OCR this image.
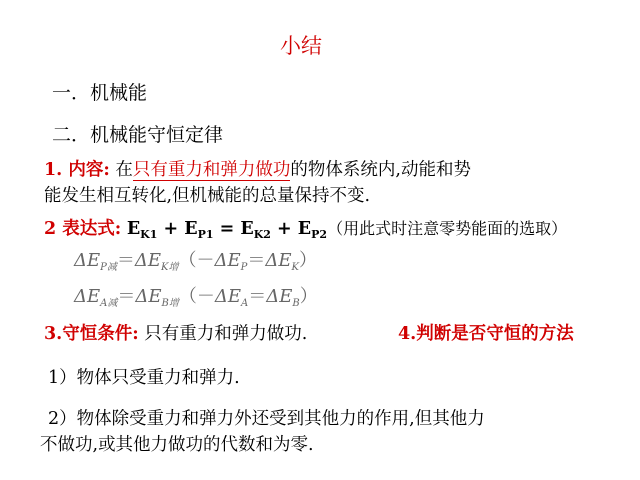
小结
一．机械能
二．机械能守恒定律
1. 内容: 在只有重力和弹力做功的物体系统内,动能和势
能发生相互转化,但机械能的总量保持不变.
2 表达式: $E_{K1} + E_{P1} = E_{K2} + E_{P2}$（用此式时注意零势能面的选取）
$\Delta E_{P减}=\Delta E_{K增}(-\Delta E_P=\Delta E_K)$
$\Delta E_{A减}=\Delta E_{B增}(-\Delta E_A=\Delta E_B)$
3.守恒条件: 只有重力和弹力做功.	4.判断是否守恒的方法
1）物体只受重力和弹力.
2）物体除受重力和弹力外还受到其他力的作用,但其他力
不做功,或其他力做功的代数和为零.
